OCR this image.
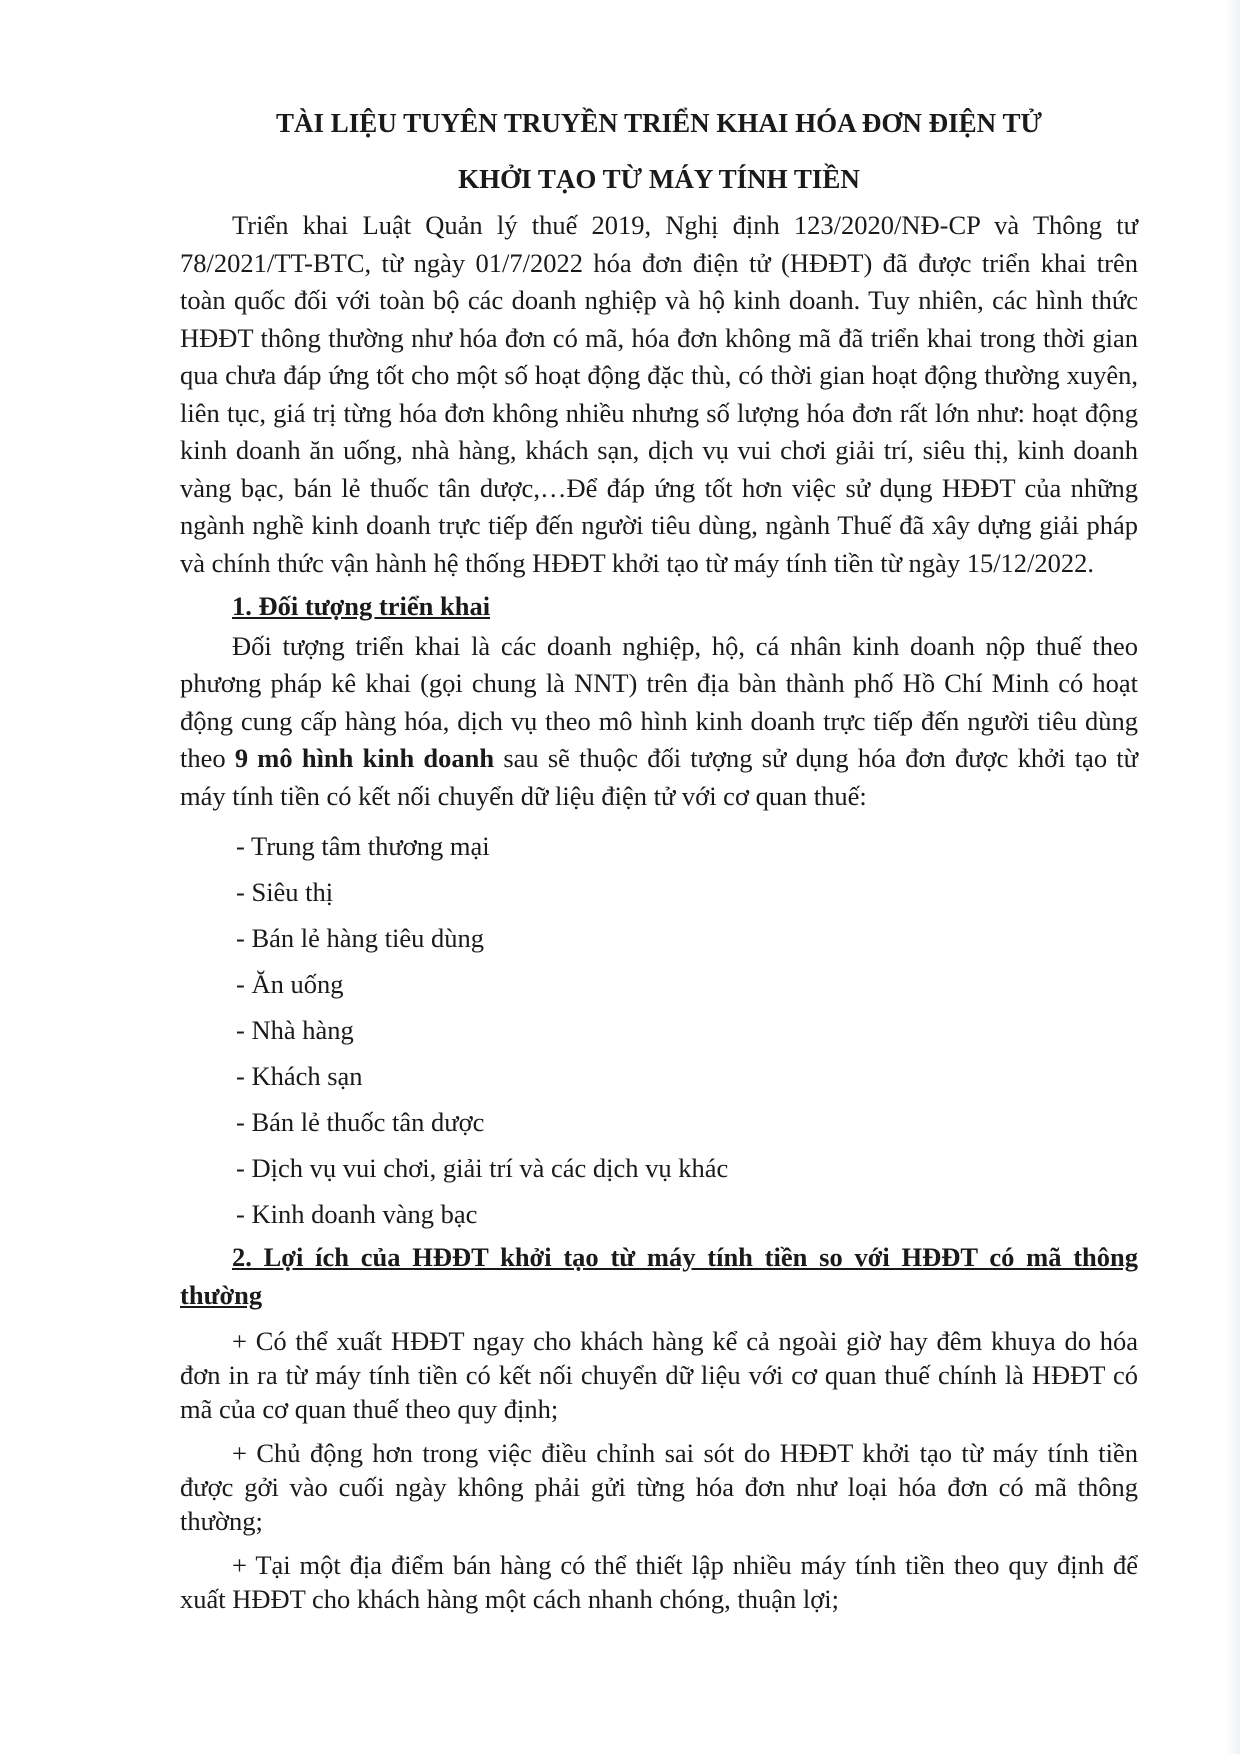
TÀI LIỆU TUYÊN TRUYỀN TRIỂN KHAI HÓA ĐƠN ĐIỆN TỬ
KHỞI TẠO TỪ MÁY TÍNH TIỀN

Triển khai Luật Quản lý thuế 2019, Nghị định 123/2020/NĐ-CP và Thông tư 78/2021/TT-BTC, từ ngày 01/7/2022 hóa đơn điện tử (HĐĐT) đã được triển khai trên toàn quốc đối với toàn bộ các doanh nghiệp và hộ kinh doanh. Tuy nhiên, các hình thức HĐĐT thông thường như hóa đơn có mã, hóa đơn không mã đã triển khai trong thời gian qua chưa đáp ứng tốt cho một số hoạt động đặc thù, có thời gian hoạt động thường xuyên, liên tục, giá trị từng hóa đơn không nhiều nhưng số lượng hóa đơn rất lớn như: hoạt động kinh doanh ăn uống, nhà hàng, khách sạn, dịch vụ vui chơi giải trí, siêu thị, kinh doanh vàng bạc, bán lẻ thuốc tân dược,…Để đáp ứng tốt hơn việc sử dụng HĐĐT của những ngành nghề kinh doanh trực tiếp đến người tiêu dùng, ngành Thuế đã xây dựng giải pháp và chính thức vận hành hệ thống HĐĐT khởi tạo từ máy tính tiền từ ngày 15/12/2022.

1. Đối tượng triển khai

Đối tượng triển khai là các doanh nghiệp, hộ, cá nhân kinh doanh nộp thuế theo phương pháp kê khai (gọi chung là NNT) trên địa bàn thành phố Hồ Chí Minh có hoạt động cung cấp hàng hóa, dịch vụ theo mô hình kinh doanh trực tiếp đến người tiêu dùng theo 9 mô hình kinh doanh sau sẽ thuộc đối tượng sử dụng hóa đơn được khởi tạo từ máy tính tiền có kết nối chuyển dữ liệu điện tử với cơ quan thuế:

- Trung tâm thương mại
- Siêu thị
- Bán lẻ hàng tiêu dùng
- Ăn uống
- Nhà hàng
- Khách sạn
- Bán lẻ thuốc tân dược
- Dịch vụ vui chơi, giải trí và các dịch vụ khác
- Kinh doanh vàng bạc

2. Lợi ích của HĐĐT khởi tạo từ máy tính tiền so với HĐĐT có mã thông thường

+ Có thể xuất HĐĐT ngay cho khách hàng kể cả ngoài giờ hay đêm khuya do hóa đơn in ra từ máy tính tiền có kết nối chuyển dữ liệu với cơ quan thuế chính là HĐĐT có mã của cơ quan thuế theo quy định;

+ Chủ động hơn trong việc điều chỉnh sai sót do HĐĐT khởi tạo từ máy tính tiền được gởi vào cuối ngày không phải gửi từng hóa đơn như loại hóa đơn có mã thông thường;

+ Tại một địa điểm bán hàng có thể thiết lập nhiều máy tính tiền theo quy định để xuất HĐĐT cho khách hàng một cách nhanh chóng, thuận lợi;
